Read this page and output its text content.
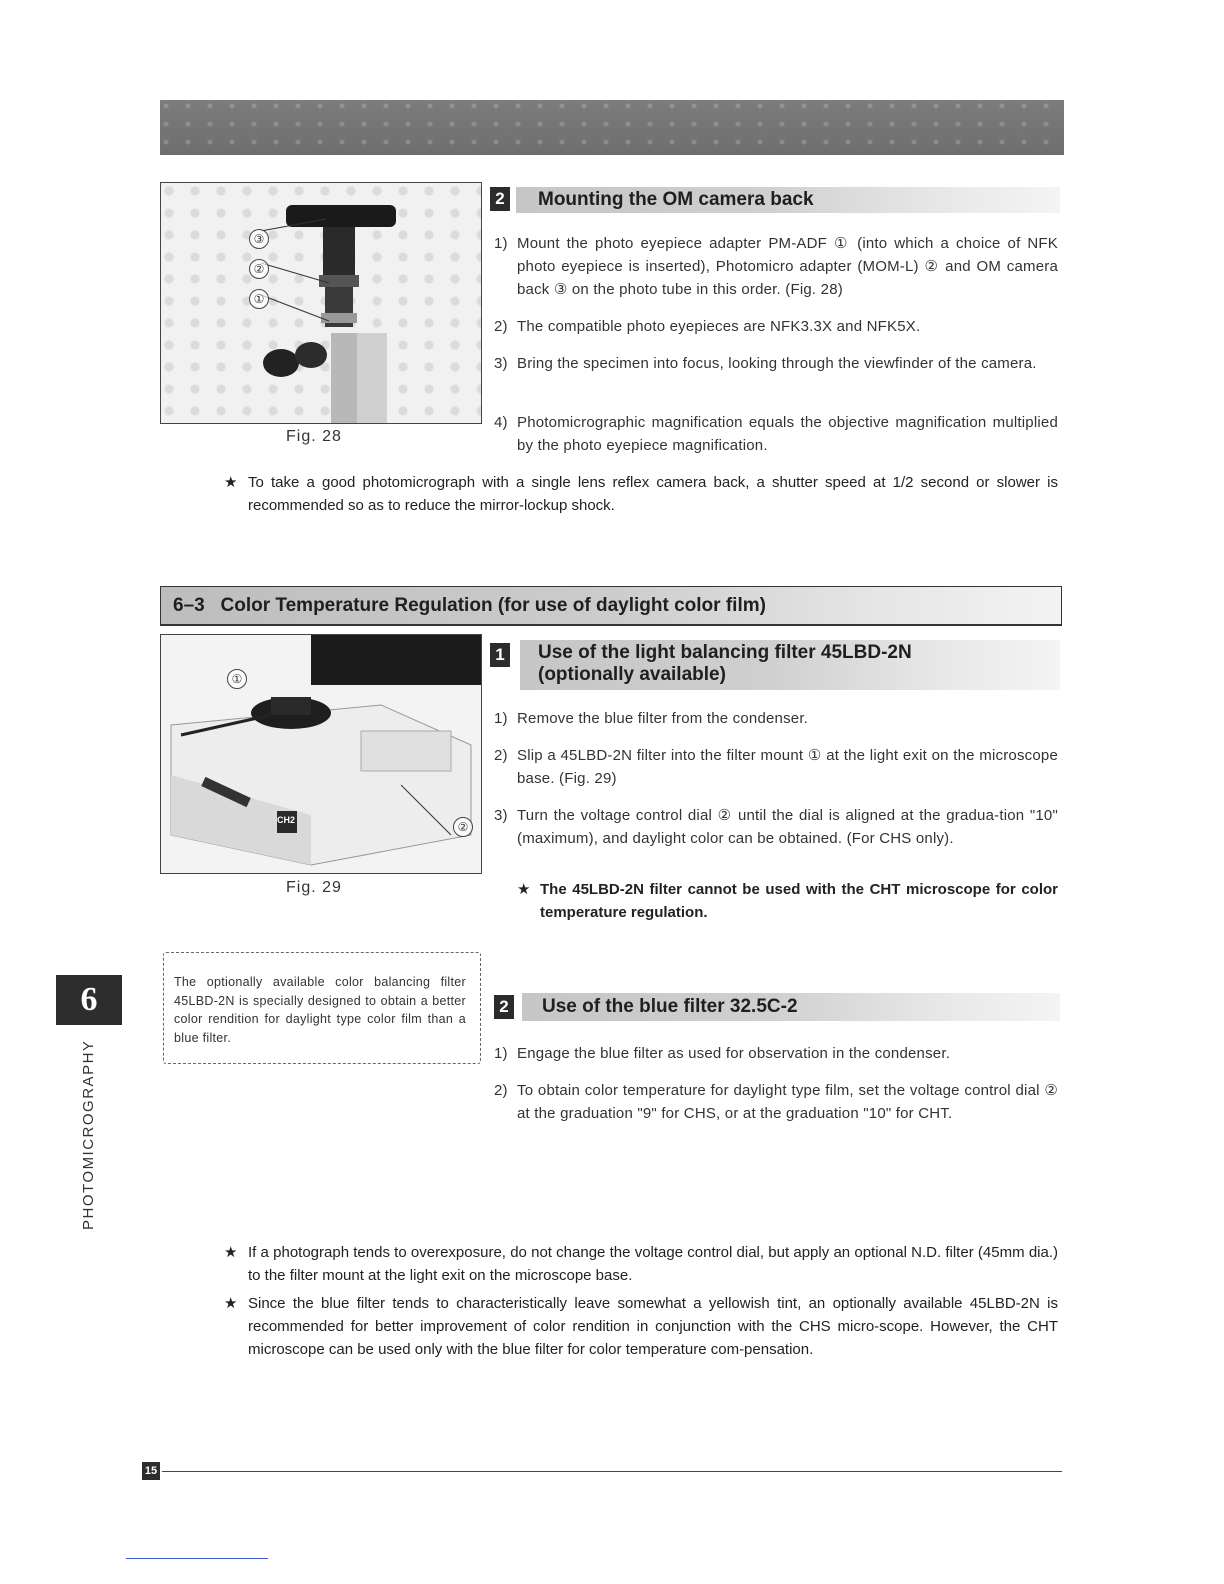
③
②
①
Fig. 28
2	Mounting the OM camera back
1) Mount the photo eyepiece adapter PM-ADF ① (into which a choice of NFK photo eyepiece is inserted), Photomicro adapter (MOM-L) ② and OM camera back ③ on the photo tube in this order. (Fig. 28)
2) The compatible photo eyepieces are NFK3.3X and NFK5X.
3) Bring the specimen into focus, looking through the viewfinder of the camera.
4) Photomicrographic magnification equals the objective magnification multiplied by the photo eyepiece magnification.
★ To take a good photomicrograph with a single lens reflex camera back, a shutter speed at 1/2 second or slower is recommended so as to reduce the mirror-lockup shock.
6–3   Color Temperature Regulation (for use of daylight color film)
①
②
CH2
Fig. 29
1 Use of the light balancing filter 45LBD-2N
(optionally available)
1) Remove the blue filter from the condenser.
2) Slip a 45LBD-2N filter into the filter mount ① at the light exit on the microscope base. (Fig. 29)
3) Turn the voltage control dial ② until the dial is aligned at the gradua-tion "10" (maximum), and daylight color can be obtained. (For CHS only).
★ The 45LBD-2N filter cannot be used with the CHT microscope for color temperature regulation.
The optionally available color balancing filter 45LBD-2N is specially designed to obtain a better color rendition for daylight type color film than a blue filter.
2	Use of the blue filter 32.5C-2
1) Engage the blue filter as used for observation in the condenser.
2) To obtain color temperature for daylight type film, set the voltage control dial ② at the graduation "9" for CHS, or at the graduation "10" for CHT.
★ If a photograph tends to overexposure, do not change the voltage control dial, but apply an optional N.D. filter (45mm dia.) to the filter mount at the light exit on the microscope base.
★ Since the blue filter tends to characteristically leave somewhat a yellowish tint, an optionally available 45LBD-2N is recommended for better improvement of color rendition in conjunction with the CHS micro-scope. However, the CHT microscope can be used only with the blue filter for color temperature com-pensation.
6
PHOTOMICROGRAPHY
15
